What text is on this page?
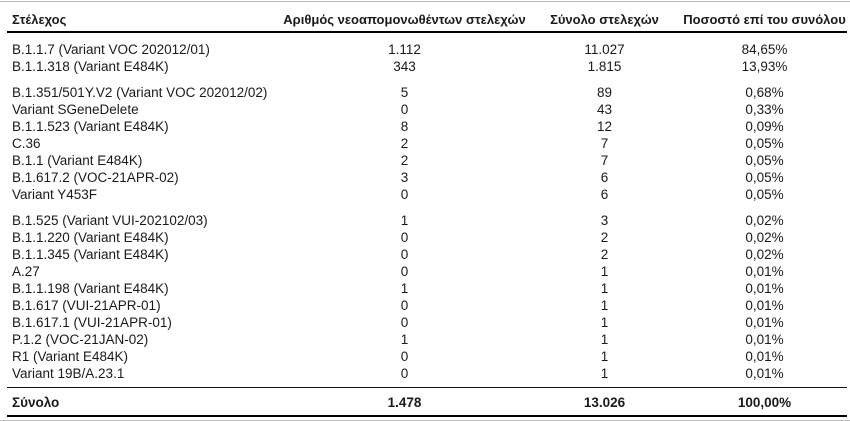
Στέλεχος	Αριθμός νεοαπομονωθέντων στελεχών	Σύνολο στελεχών	Ποσοστό επί του συνόλου
B.1.1.7 (Variant VOC 202012/01)	1.112	11.027	84,65%
B.1.1.318 (Variant E484K)	343	1.815	13,93%
B.1.351/501Y.V2 (Variant VOC 202012/02)	5	89	0,68%
Variant SGeneDelete	0	43	0,33%
B.1.1.523 (Variant E484K)	8	12	0,09%
C.36	2	7	0,05%
B.1.1 (Variant E484K)	2	7	0,05%
B.1.617.2 (VOC-21APR-02)	3	6	0,05%
Variant Y453F	0	6	0,05%
B.1.525 (Variant VUI-202102/03)	1	3	0,02%
B.1.1.220 (Variant E484K)	0	2	0,02%
B.1.1.345 (Variant E484K)	0	2	0,02%
A.27	0	1	0,01%
B.1.1.198 (Variant E484K)	1	1	0,01%
B.1.617 (VUI-21APR-01)	0	1	0,01%
B.1.617.1 (VUI-21APR-01)	0	1	0,01%
P.1.2 (VOC-21JAN-02)	1	1	0,01%
R1 (Variant E484K)	0	1	0,01%
Variant 19B/A.23.1	0	1	0,01%
Σύνολο	1.478	13.026	100,00%
